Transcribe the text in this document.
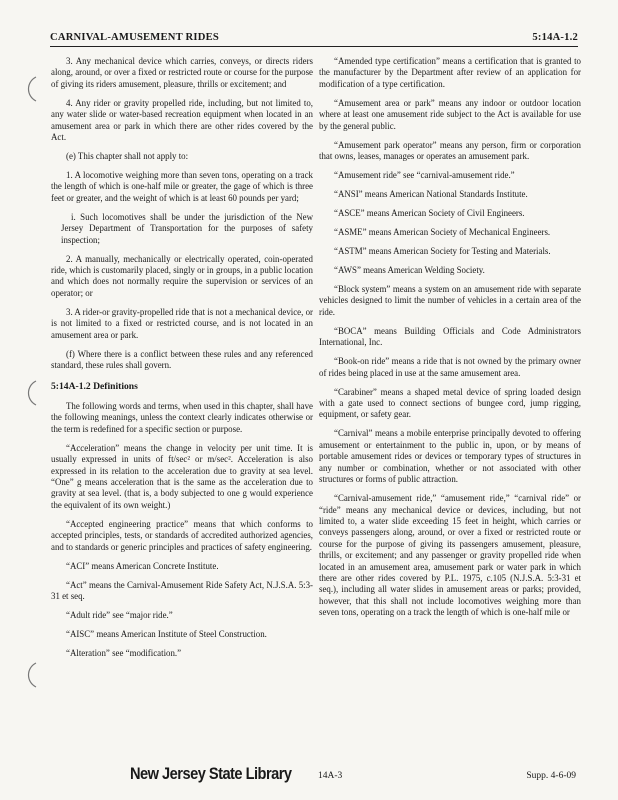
CARNIVAL-AMUSEMENT RIDES	5:14A-1.2

3. Any mechanical device which carries, conveys, or directs riders along, around, or over a fixed or restricted route or course for the purpose of giving its riders amusement, pleasure, thrills or excitement; and

4. Any rider or gravity propelled ride, including, but not limited to, any water slide or water-based recreation equipment when located in an amusement area or park in which there are other rides covered by the Act.

(e) This chapter shall not apply to:

1. A locomotive weighing more than seven tons, operating on a track the length of which is one-half mile or greater, the gage of which is three feet or greater, and the weight of which is at least 60 pounds per yard;

i. Such locomotives shall be under the jurisdiction of the New Jersey Department of Transportation for the purposes of safety inspection;

2. A manually, mechanically or electrically operated, coin-operated ride, which is customarily placed, singly or in groups, in a public location and which does not normally require the supervision or services of an operator; or

3. A rider-or gravity-propelled ride that is not a mechanical device, or is not limited to a fixed or restricted course, and is not located in an amusement area or park.

(f) Where there is a conflict between these rules and any referenced standard, these rules shall govern.

5:14A-1.2 Definitions

The following words and terms, when used in this chapter, shall have the following meanings, unless the context clearly indicates otherwise or the term is redefined for a specific section or purpose.

“Acceleration” means the change in velocity per unit time. It is usually expressed in units of ft/sec² or m/sec². Acceleration is also expressed in its relation to the acceleration due to gravity at sea level. “One” g means acceleration that is the same as the acceleration due to gravity at sea level. (that is, a body subjected to one g would experience the equivalent of its own weight.)

“Accepted engineering practice” means that which conforms to accepted principles, tests, or standards of accredited authorized agencies, and to standards or generic principles and practices of safety engineering.

“ACI” means American Concrete Institute.

“Act” means the Carnival-Amusement Ride Safety Act, N.J.S.A. 5:3-31 et seq.

“Adult ride” see “major ride.”

“AISC” means American Institute of Steel Construction.

“Alteration” see “modification.”

“Amended type certification” means a certification that is granted to the manufacturer by the Department after review of an application for modification of a type certification.

“Amusement area or park” means any indoor or outdoor location where at least one amusement ride subject to the Act is available for use by the general public.

“Amusement park operator” means any person, firm or corporation that owns, leases, manages or operates an amusement park.

“Amusement ride” see “carnival-amusement ride.”

“ANSI” means American National Standards Institute.

“ASCE” means American Society of Civil Engineers.

“ASME” means American Society of Mechanical Engineers.

“ASTM” means American Society for Testing and Materials.

“AWS” means American Welding Society.

“Block system” means a system on an amusement ride with separate vehicles designed to limit the number of vehicles in a certain area of the ride.

“BOCA” means Building Officials and Code Administrators International, Inc.

“Book-on ride” means a ride that is not owned by the primary owner of rides being placed in use at the same amusement area.

“Carabiner” means a shaped metal device of spring loaded design with a gate used to connect sections of bungee cord, jump rigging, equipment, or safety gear.

“Carnival” means a mobile enterprise principally devoted to offering amusement or entertainment to the public in, upon, or by means of portable amusement rides or devices or temporary types of structures in any number or combination, whether or not associated with other structures or forms of public attraction.

“Carnival-amusement ride,” “amusement ride,” “carnival ride” or “ride” means any mechanical device or devices, including, but not limited to, a water slide exceeding 15 feet in height, which carries or conveys passengers along, around, or over a fixed or restricted route or course for the purpose of giving its passengers amusement, pleasure, thrills, or excitement; and any passenger or gravity propelled ride when located in an amusement area, amusement park or water park in which there are other rides covered by P.L. 1975, c.105 (N.J.S.A. 5:3-31 et seq.), including all water slides in amusement areas or parks; provided, however, that this shall not include locomotives weighing more than seven tons, operating on a track the length of which is one-half mile or

New Jersey State Library	14A-3	Supp. 4-6-09
